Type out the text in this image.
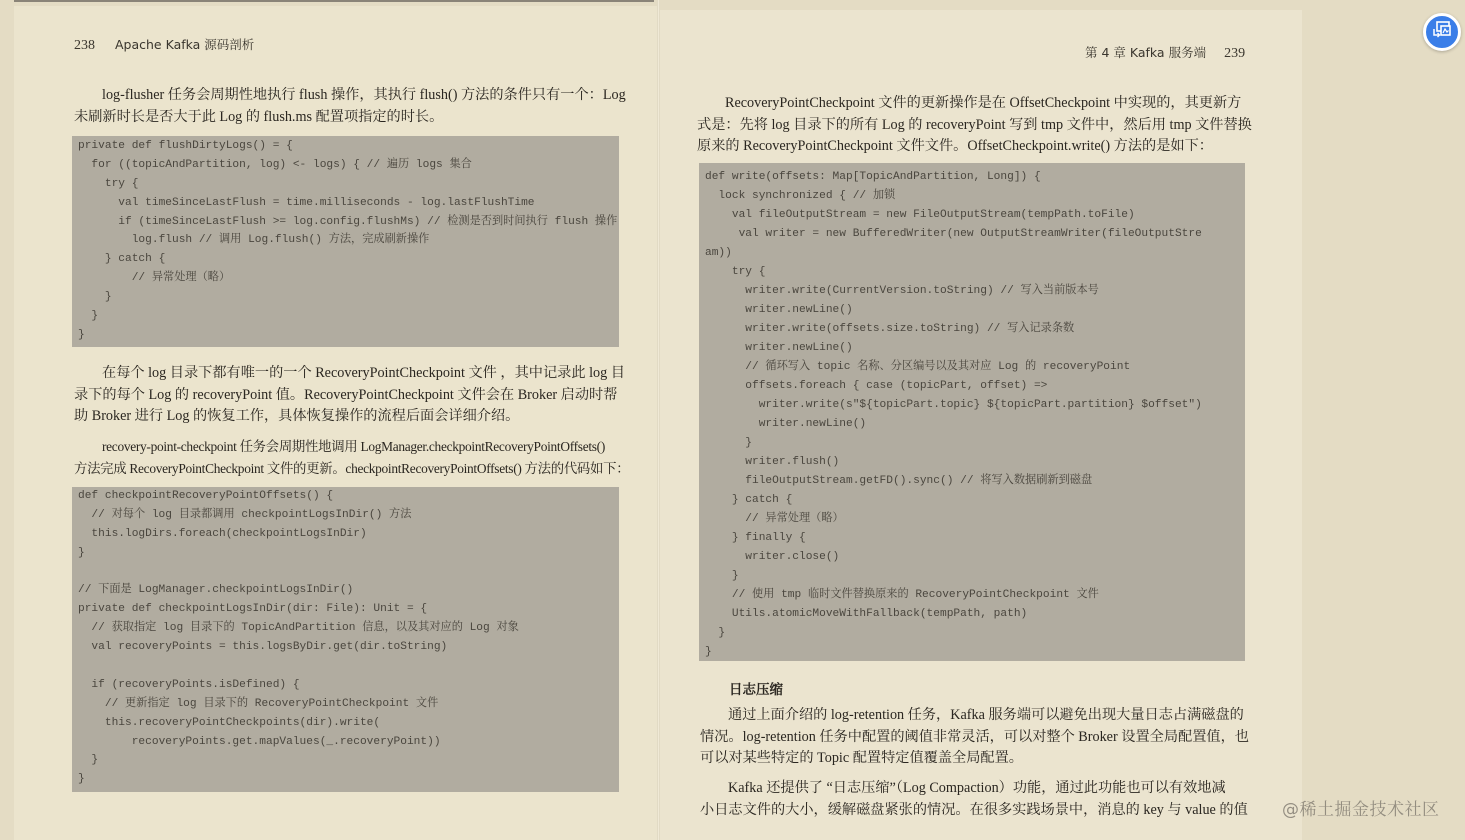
238 Apache Kafka 源码剖析
log-flusher 任务会周期性地执行 flush 操作，其执行 flush() 方法的条件只有一个：Log
未刷新时长是否大于此 Log 的 flush.ms 配置项指定的时长。
private def flushDirtyLogs() = {
for ((topicAndPartition, log) <- logs) { // 遍历 logs 集合
try {
val timeSinceLastFlush = time.milliseconds - log.lastFlushTime
if (timeSinceLastFlush >= log.config.flushMs) // 检测是否到时间执行 flush 操作
log.flush // 调用 Log.flush() 方法，完成刷新操作
} catch {
// 异常处理（略）
}
}
}
在每个 log 目录下都有唯一的一个 RecoveryPointCheckpoint 文件 ，其中记录此 log 目
录下的每个 Log 的 recoveryPoint 值。RecoveryPointCheckpoint 文件会在 Broker 启动时帮
助 Broker 进行 Log 的恢复工作，具体恢复操作的流程后面会详细介绍。
recovery-point-checkpoint 任务会周期性地调用 LogManager.checkpointRecoveryPointOffsets()
方法完成 RecoveryPointCheckpoint 文件的更新。checkpointRecoveryPointOffsets() 方法的代码如下：
def checkpointRecoveryPointOffsets() {
// 对每个 log 目录都调用 checkpointLogsInDir() 方法
this.logDirs.foreach(checkpointLogsInDir)
}
// 下面是 LogManager.checkpointLogsInDir()
private def checkpointLogsInDir(dir: File): Unit = {
// 获取指定 log 目录下的 TopicAndPartition 信息，以及其对应的 Log 对象
val recoveryPoints = this.logsByDir.get(dir.toString)
if (recoveryPoints.isDefined) {
// 更新指定 log 目录下的 RecoveryPointCheckpoint 文件
this.recoveryPointCheckpoints(dir).write(
recoveryPoints.get.mapValues(_.recoveryPoint))
}
}
第 4 章 Kafka 服务端 239
RecoveryPointCheckpoint 文件的更新操作是在 OffsetCheckpoint 中实现的，其更新方
式是：先将 log 目录下的所有 Log 的 recoveryPoint 写到 tmp 文件中，然后用 tmp 文件替换
原来的 RecoveryPointCheckpoint 文件文件。OffsetCheckpoint.write() 方法的是如下：
def write(offsets: Map[TopicAndPartition, Long]) {
lock synchronized { // 加锁
val fileOutputStream = new FileOutputStream(tempPath.toFile)
val writer = new BufferedWriter(new OutputStreamWriter(fileOutputStre
am))
try {
writer.write(CurrentVersion.toString) // 写入当前版本号
writer.newLine()
writer.write(offsets.size.toString) // 写入记录条数
writer.newLine()
// 循环写入 topic 名称、分区编号以及其对应 Log 的 recoveryPoint
offsets.foreach { case (topicPart, offset) =>
writer.write(s"${topicPart.topic} ${topicPart.partition} $offset")
writer.newLine()
}
writer.flush()
fileOutputStream.getFD().sync() // 将写入数据刷新到磁盘
} catch {
// 异常处理（略）
} finally {
writer.close()
}
// 使用 tmp 临时文件替换原来的 RecoveryPointCheckpoint 文件
Utils.atomicMoveWithFallback(tempPath, path)
}
}
日志压缩
通过上面介绍的 log-retention 任务，Kafka 服务端可以避免出现大量日志占满磁盘的
情况。log-retention 任务中配置的阈值非常灵活，可以对整个 Broker 设置全局配置值，也
可以对某些特定的 Topic 配置特定值覆盖全局配置。
Kafka 还提供了 “日志压缩”（Log Compaction）功能，通过此功能也可以有效地减
小日志文件的大小，缓解磁盘紧张的情况。在很多实践场景中，消息的 key 与 value 的值 @稀土掘金技术社区
